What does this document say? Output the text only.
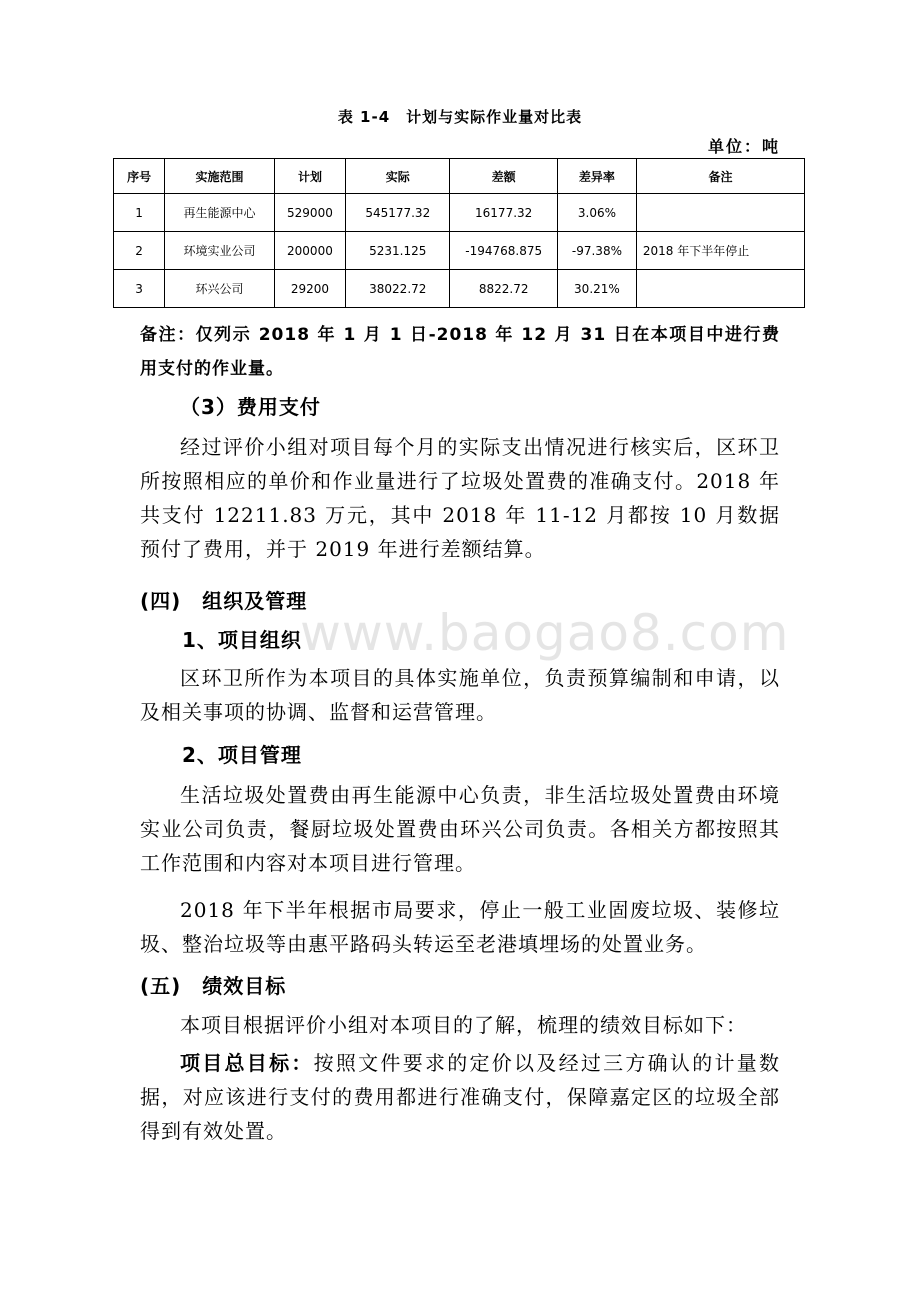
表 1-4　计划与实际作业量对比表
单位：吨
序号	实施范围	计划	实际	差额	差异率	备注
1	再生能源中心	529000	545177.32	16177.32	3.06%	
2	环境实业公司	200000	5231.125	-194768.875	-97.38%	2018 年下半年停止
3	环兴公司	29200	38022.72	8822.72	30.21%	
备注：仅列示 2018 年 1 月 1 日-2018 年 12 月 31 日在本项目中进行费用支付的作业量。
（3）费用支付
经过评价小组对项目每个月的实际支出情况进行核实后，区环卫所按照相应的单价和作业量进行了垃圾处置费的准确支付。2018 年共支付 12211.83 万元，其中 2018 年 11-12 月都按 10 月数据预付了费用，并于 2019 年进行差额结算。
(四)　组织及管理
1、项目组织
区环卫所作为本项目的具体实施单位，负责预算编制和申请，以及相关事项的协调、监督和运营管理。
2、项目管理
生活垃圾处置费由再生能源中心负责，非生活垃圾处置费由环境实业公司负责，餐厨垃圾处置费由环兴公司负责。各相关方都按照其工作范围和内容对本项目进行管理。
2018 年下半年根据市局要求，停止一般工业固废垃圾、装修垃圾、整治垃圾等由惠平路码头转运至老港填埋场的处置业务。
(五)　绩效目标
本项目根据评价小组对本项目的了解，梳理的绩效目标如下：
项目总目标：按照文件要求的定价以及经过三方确认的计量数据，对应该进行支付的费用都进行准确支付，保障嘉定区的垃圾全部得到有效处置。
www.baogao8.com
